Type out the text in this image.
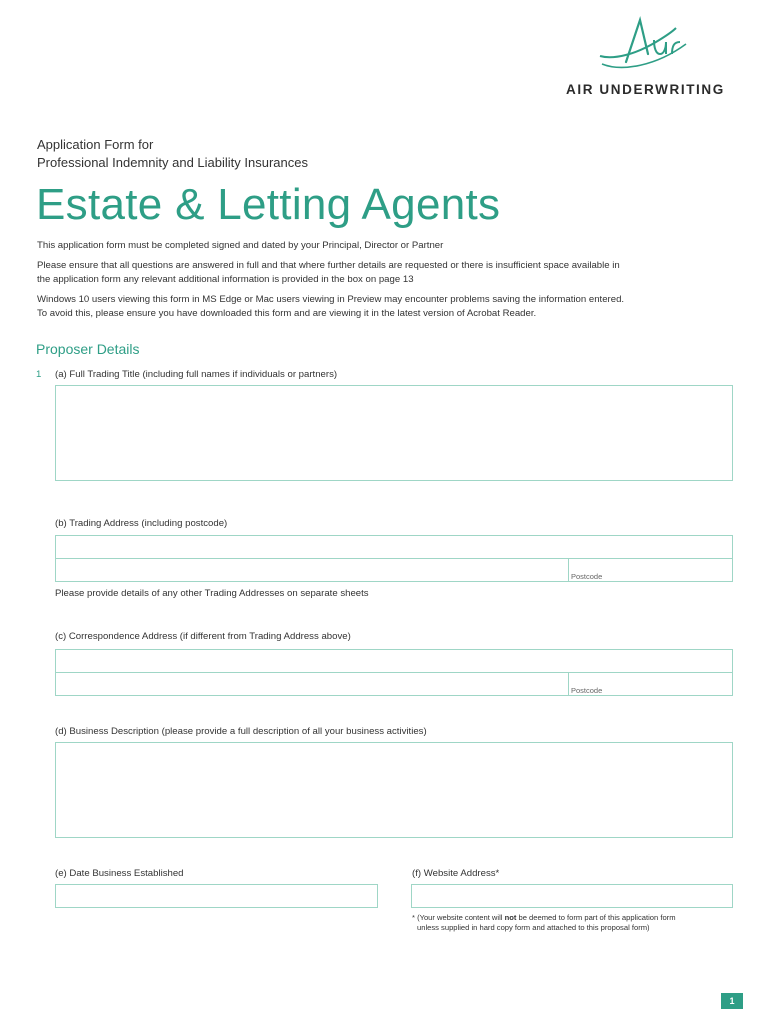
AIR UNDERWRITING
Application Form for
Professional Indemnity and Liability Insurances
Estate & Letting Agents
This application form must be completed signed and dated by your Principal, Director or Partner
Please ensure that all questions are answered in full and that where further details are requested or there is insufficient space available in
the application form any relevant additional information is provided in the box on page 13
Windows 10 users viewing this form in MS Edge or Mac users viewing in Preview may encounter problems saving the information entered.
To avoid this, please ensure you have downloaded this form and are viewing it in the latest version of Acrobat Reader.
Proposer Details
1 (a) Full Trading Title (including full names if individuals or partners)
(b) Trading Address (including postcode)
Postcode
Please provide details of any other Trading Addresses on separate sheets
(c) Correspondence Address (if different from Trading Address above)
Postcode
(d) Business Description (please provide a full description of all your business activities)
(e) Date Business Established	(f) Website Address*
* (Your website content will not be deemed to form part of this application form
unless supplied in hard copy form and attached to this proposal form)
1
